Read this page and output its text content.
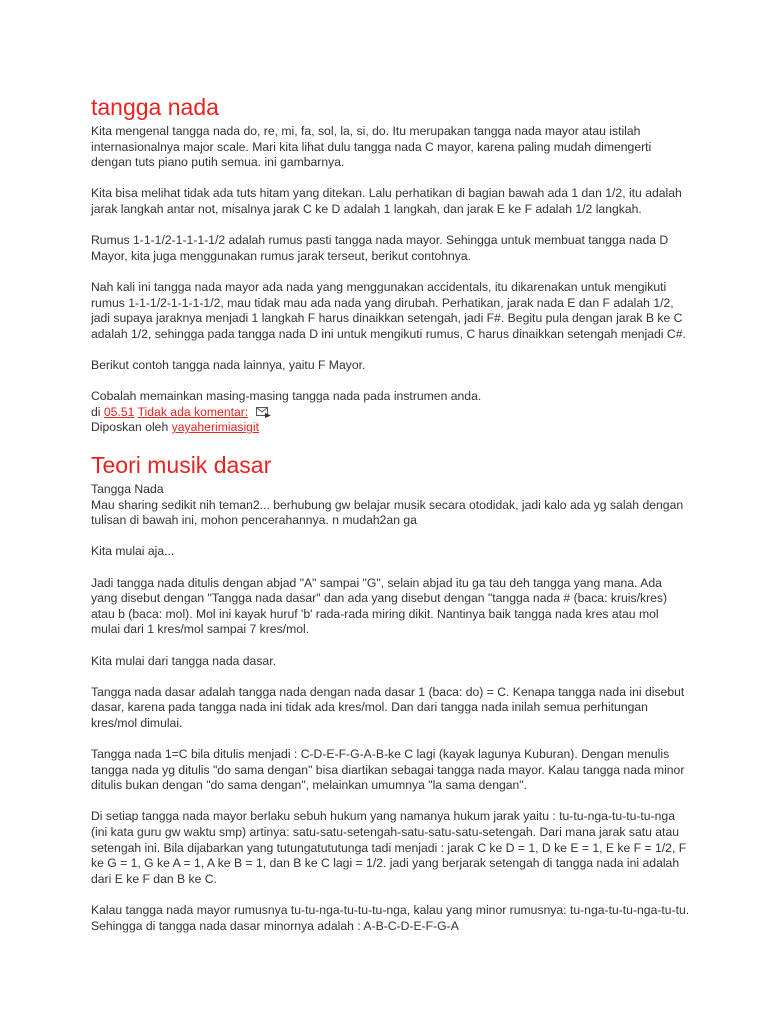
tangga nada

Kita mengenal tangga nada do, re, mi, fa, sol, la, si, do. Itu merupakan tangga nada mayor atau istilah internasionalnya major scale. Mari kita lihat dulu tangga nada C mayor, karena paling mudah dimengerti dengan tuts piano putih semua. ini gambarnya.

Kita bisa melihat tidak ada tuts hitam yang ditekan. Lalu perhatikan di bagian bawah ada 1 dan 1/2, itu adalah jarak langkah antar not, misalnya jarak C ke D adalah 1 langkah, dan jarak E ke F adalah 1/2 langkah.

Rumus 1-1-1/2-1-1-1-1/2 adalah rumus pasti tangga nada mayor. Sehingga untuk membuat tangga nada D Mayor, kita juga menggunakan rumus jarak terseut, berikut contohnya.

Nah kali ini tangga nada mayor ada nada yang menggunakan accidentals, itu dikarenakan untuk mengikuti rumus 1-1-1/2-1-1-1-1/2, mau tidak mau ada nada yang dirubah. Perhatikan, jarak nada E dan F adalah 1/2, jadi supaya jaraknya menjadi 1 langkah F harus dinaikkan setengah, jadi F#. Begitu pula dengan jarak B ke C adalah 1/2, sehingga pada tangga nada D ini untuk mengikuti rumus, C harus dinaikkan setengah menjadi C#.

Berikut contoh tangga nada lainnya, yaitu F Mayor.

Cobalah memainkan masing-masing tangga nada pada instrumen anda.

di 05.51 Tidak ada komentar:
Diposkan oleh yayaherimiasigit
Teori musik dasar
Tangga Nada

Mau sharing sedikit nih teman2... berhubung gw belajar musik secara otodidak, jadi kalo ada yg salah dengan tulisan di bawah ini, mohon pencerahannya. n mudah2an ga

Kita mulai aja...

Jadi tangga nada ditulis dengan abjad "A" sampai "G", selain abjad itu ga tau deh tangga yang mana. Ada yang disebut dengan "Tangga nada dasar" dan ada yang disebut dengan "tangga nada # (baca: kruis/kres) atau b (baca: mol). Mol ini kayak huruf 'b' rada-rada miring dikit. Nantinya baik tangga nada kres atau mol mulai dari 1 kres/mol sampai 7 kres/mol.

Kita mulai dari tangga nada dasar.

Tangga nada dasar adalah tangga nada dengan nada dasar 1 (baca: do) = C. Kenapa tangga nada ini disebut dasar, karena pada tangga nada ini tidak ada kres/mol. Dan dari tangga nada inilah semua perhitungan kres/mol dimulai.

Tangga nada 1=C bila ditulis menjadi : C-D-E-F-G-A-B-ke C lagi (kayak lagunya Kuburan). Dengan menulis tangga nada yg ditulis "do sama dengan" bisa diartikan sebagai tangga nada mayor. Kalau tangga nada minor ditulis bukan dengan "do sama dengan", melainkan umumnya "la sama dengan".

Di setiap tangga nada mayor berlaku sebuh hukum yang namanya hukum jarak yaitu : tu-tu-nga-tu-tu-tu-nga (ini kata guru gw waktu smp) artinya: satu-satu-setengah-satu-satu-satu-setengah. Dari mana jarak satu atau setengah ini. Bila dijabarkan yang tutungatututunga tadi menjadi : jarak C ke D = 1, D ke E = 1, E ke F = 1/2, F ke G = 1, G ke A = 1, A ke B = 1, dan B ke C lagi = 1/2. jadi yang berjarak setengah di tangga nada ini adalah dari E ke F dan B ke C.

Kalau tangga nada mayor rumusnya tu-tu-nga-tu-tu-tu-nga, kalau yang minor rumusnya: tu-nga-tu-tu-nga-tu-tu. Sehingga di tangga nada dasar minornya adalah : A-B-C-D-E-F-G-A
